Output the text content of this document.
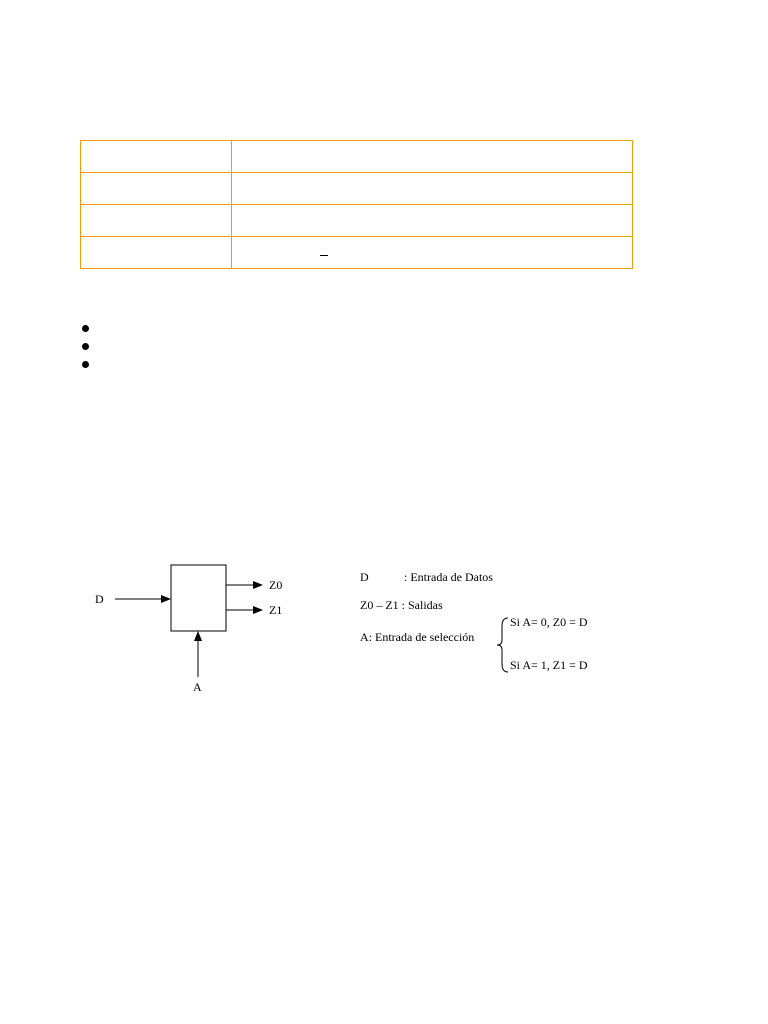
D
Z0
Z1
A
D	: Entrada de Datos
Z0 – Z1 : Salidas
A: Entrada de selección
Si A= 0, Z0 = D
Si A= 1, Z1 = D
